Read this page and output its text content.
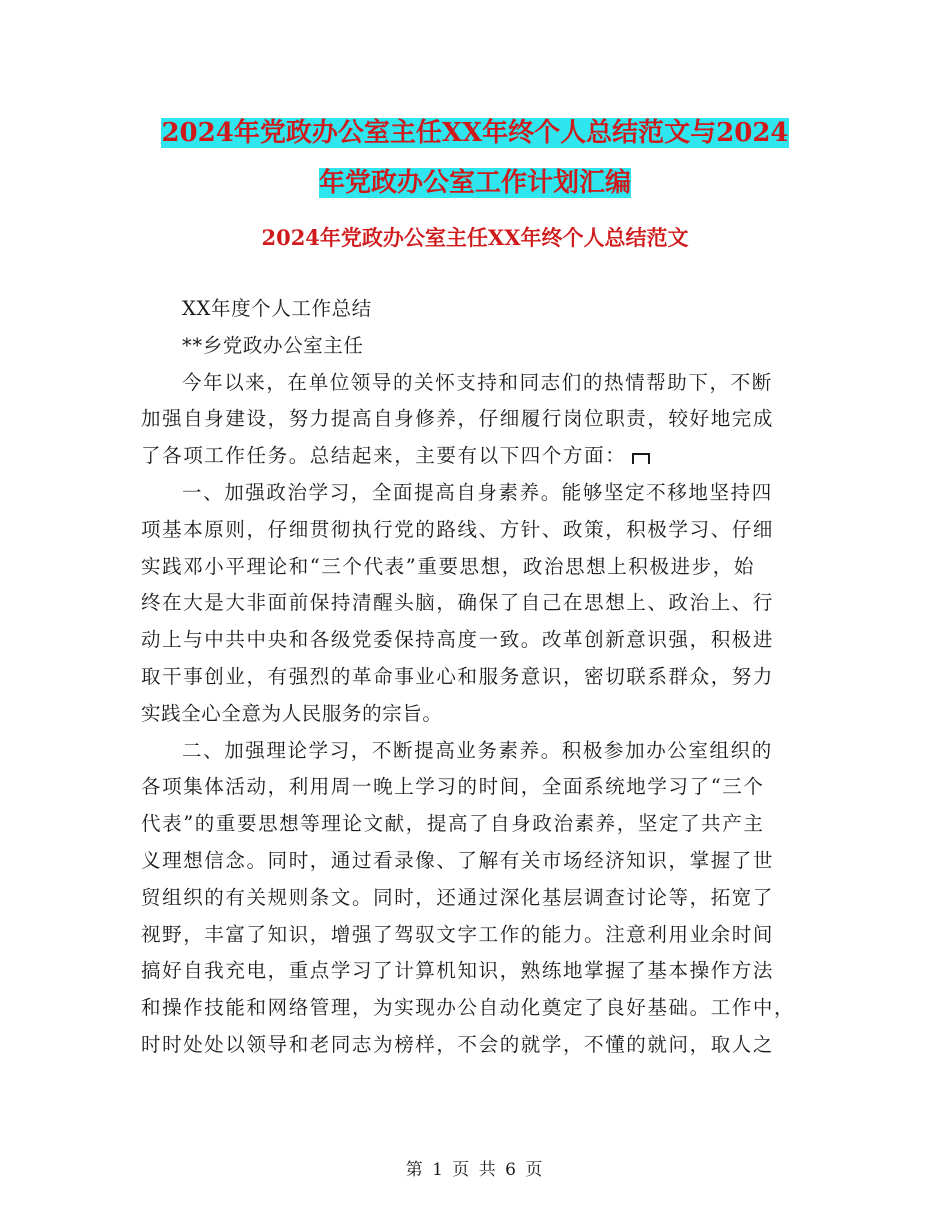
2024年党政办公室主任XX年终个人总结范文与2024
年党政办公室工作计划汇编
2024年党政办公室主任XX年终个人总结范文

XX年度个人工作总结

**乡党政办公室主任

今年以来，在单位领导的关怀支持和同志们的热情帮助下，不断

加强自身建设，努力提高自身修养，仔细履行岗位职责，较好地完成

了各项工作任务。总结起来，主要有以下四个方面：

一、加强政治学习，全面提高自身素养。能够坚定不移地坚持四

项基本原则，仔细贯彻执行党的路线、方针、政策，积极学习、仔细

实践邓小平理论和“三个代表”重要思想，政治思想上积极进步，始

终在大是大非面前保持清醒头脑，确保了自己在思想上、政治上、行

动上与中共中央和各级党委保持高度一致。改革创新意识强，积极进

取干事创业，有强烈的革命事业心和服务意识，密切联系群众，努力

实践全心全意为人民服务的宗旨。

二、加强理论学习，不断提高业务素养。积极参加办公室组织的

各项集体活动，利用周一晚上学习的时间，全面系统地学习了“三个

代表”的重要思想等理论文献，提高了自身政治素养，坚定了共产主

义理想信念。同时，通过看录像、了解有关市场经济知识，掌握了世

贸组织的有关规则条文。同时，还通过深化基层调查讨论等，拓宽了

视野，丰富了知识，增强了驾驭文字工作的能力。注意利用业余时间

搞好自我充电，重点学习了计算机知识，熟练地掌握了基本操作方法

和操作技能和网络管理，为实现办公自动化奠定了良好基础。工作中，

时时处处以领导和老同志为榜样，不会的就学，不懂的就问，取人之

第 1 页 共 6 页
